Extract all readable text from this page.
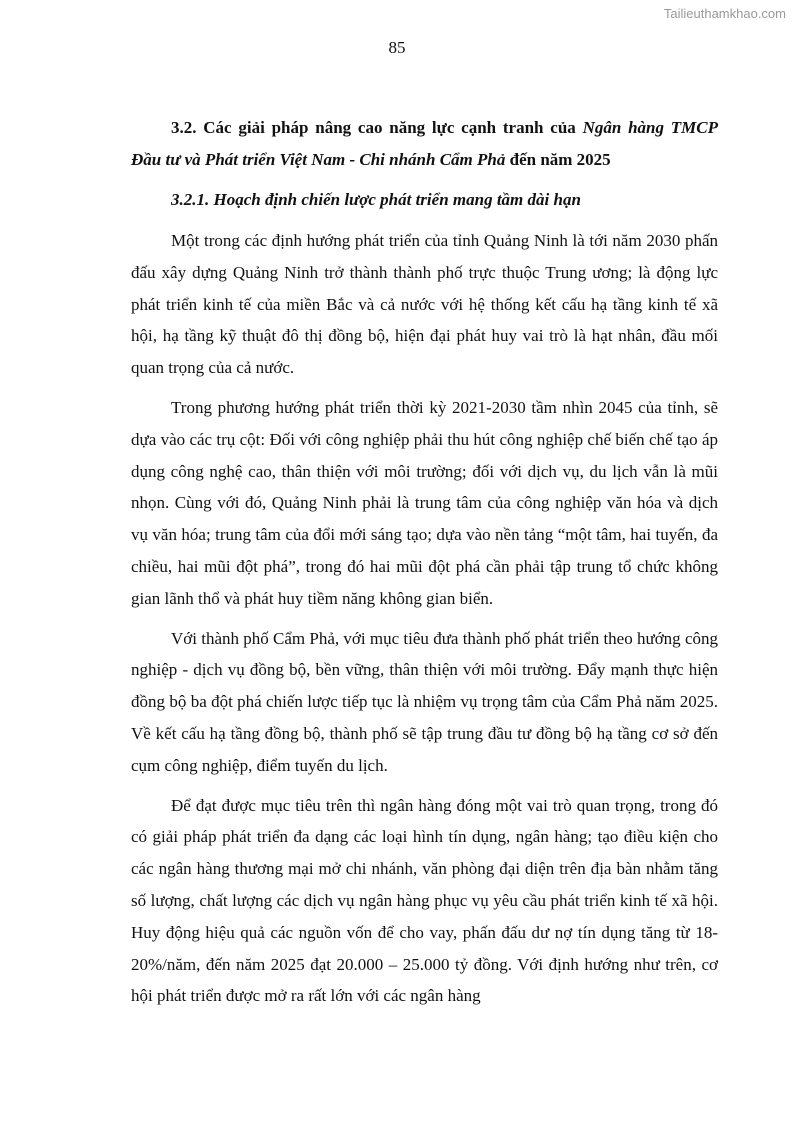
Tailieuthamkhao.com
85

3.2. Các giải pháp nâng cao năng lực cạnh tranh của Ngân hàng TMCP Đầu tư và Phát triển Việt Nam - Chi nhánh Cẩm Phả đến năm 2025

3.2.1. Hoạch định chiến lược phát triển mang tầm dài hạn

Một trong các định hướng phát triển của tỉnh Quảng Ninh là tới năm 2030 phấn đấu xây dựng Quảng Ninh trở thành thành phố trực thuộc Trung ương; là động lực phát triển kinh tế của miền Bắc và cả nước với hệ thống kết cấu hạ tầng kinh tế xã hội, hạ tầng kỹ thuật đô thị đồng bộ, hiện đại phát huy vai trò là hạt nhân, đầu mối quan trọng của cả nước.

Trong phương hướng phát triển thời kỳ 2021-2030 tầm nhìn 2045 của tỉnh, sẽ dựa vào các trụ cột: Đối với công nghiệp phải thu hút công nghiệp chế biến chế tạo áp dụng công nghệ cao, thân thiện với môi trường; đối với dịch vụ, du lịch vẫn là mũi nhọn. Cùng với đó, Quảng Ninh phải là trung tâm của công nghiệp văn hóa và dịch vụ văn hóa; trung tâm của đổi mới sáng tạo; dựa vào nền tảng “một tâm, hai tuyến, đa chiều, hai mũi đột phá”, trong đó hai mũi đột phá cần phải tập trung tổ chức không gian lãnh thổ và phát huy tiềm năng không gian biển.

Với thành phố Cẩm Phả, với mục tiêu đưa thành phố phát triển theo hướng công nghiệp - dịch vụ đồng bộ, bền vững, thân thiện với môi trường. Đẩy mạnh thực hiện đồng bộ ba đột phá chiến lược tiếp tục là nhiệm vụ trọng tâm của Cẩm Phả năm 2025. Về kết cấu hạ tầng đồng bộ, thành phố sẽ tập trung đầu tư đồng bộ hạ tầng cơ sở đến cụm công nghiệp, điểm tuyến du lịch.

Để đạt được mục tiêu trên thì ngân hàng đóng một vai trò quan trọng, trong đó có giải pháp phát triển đa dạng các loại hình tín dụng, ngân hàng; tạo điều kiện cho các ngân hàng thương mại mở chi nhánh, văn phòng đại diện trên địa bàn nhằm tăng số lượng, chất lượng các dịch vụ ngân hàng phục vụ yêu cầu phát triển kinh tế xã hội. Huy động hiệu quả các nguồn vốn để cho vay, phấn đấu dư nợ tín dụng tăng từ 18- 20%/năm, đến năm 2025 đạt 20.000 – 25.000 tỷ đồng. Với định hướng như trên, cơ hội phát triển được mở ra rất lớn với các ngân hàng
